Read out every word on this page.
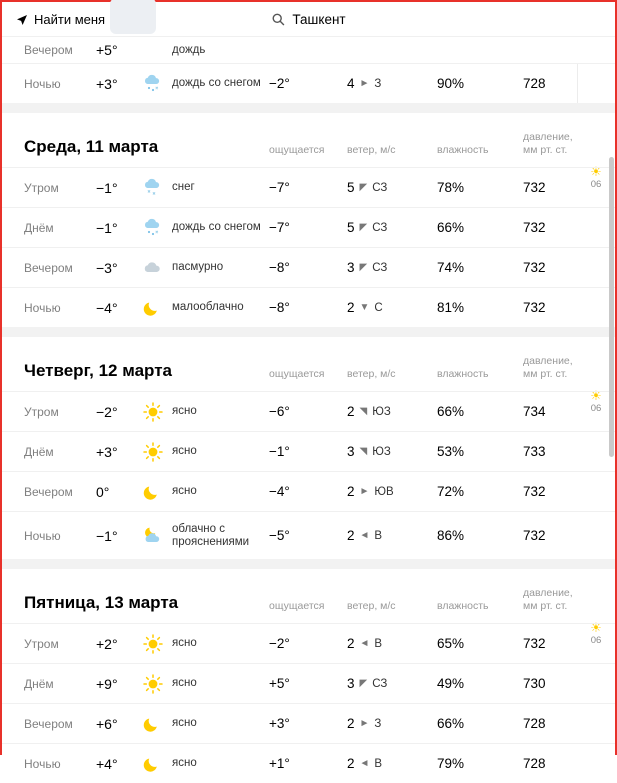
Найти меня	Ташкент
Вечером	+5°	дождь
Ночью	+3°	дождь со снегом −2°	4 ► З	90%	728
☀
06
Среда, 11 марта	ощущается	ветер, м/с	влажность
давление,
мм рт. ст.
Утром	−1°	снег	−7°	5 ◤ СЗ	78%	732
Днём	−1°	дождь со снегом −7°	5 ◤ СЗ	66%	732
Вечером	−3°	пасмурно	−8°	3 ◤ СЗ	74%	732
Ночью	−4°	малооблачно	−8°	2 ▼ С	81%	732
☀
06
Четверг, 12 марта	ощущается	ветер, м/с	влажность
давление,
мм рт. ст.
Утром	−2°	ясно	−6°	2 ◥ ЮЗ	66%	734
Днём	+3°	ясно	−1°	3 ◥ ЮЗ	53%	733
Вечером	0°	ясно	−4°	2 ► ЮВ	72%	732
Ночью	−1°	облачно с прояснениями	−5°	2 ◄ В	86%	732
☀
06
Пятница, 13 марта	ощущается	ветер, м/с	влажность
давление,
мм рт. ст.
Утром	+2°	ясно	−2°	2 ◄ В	65%	732
Днём	+9°	ясно	+5°	3 ◤ СЗ	49%	730
Вечером	+6°	ясно	+3°	2 ► З	66%	728
Ночью	+4°	ясно	+1°	2 ◄ В	79%	728
